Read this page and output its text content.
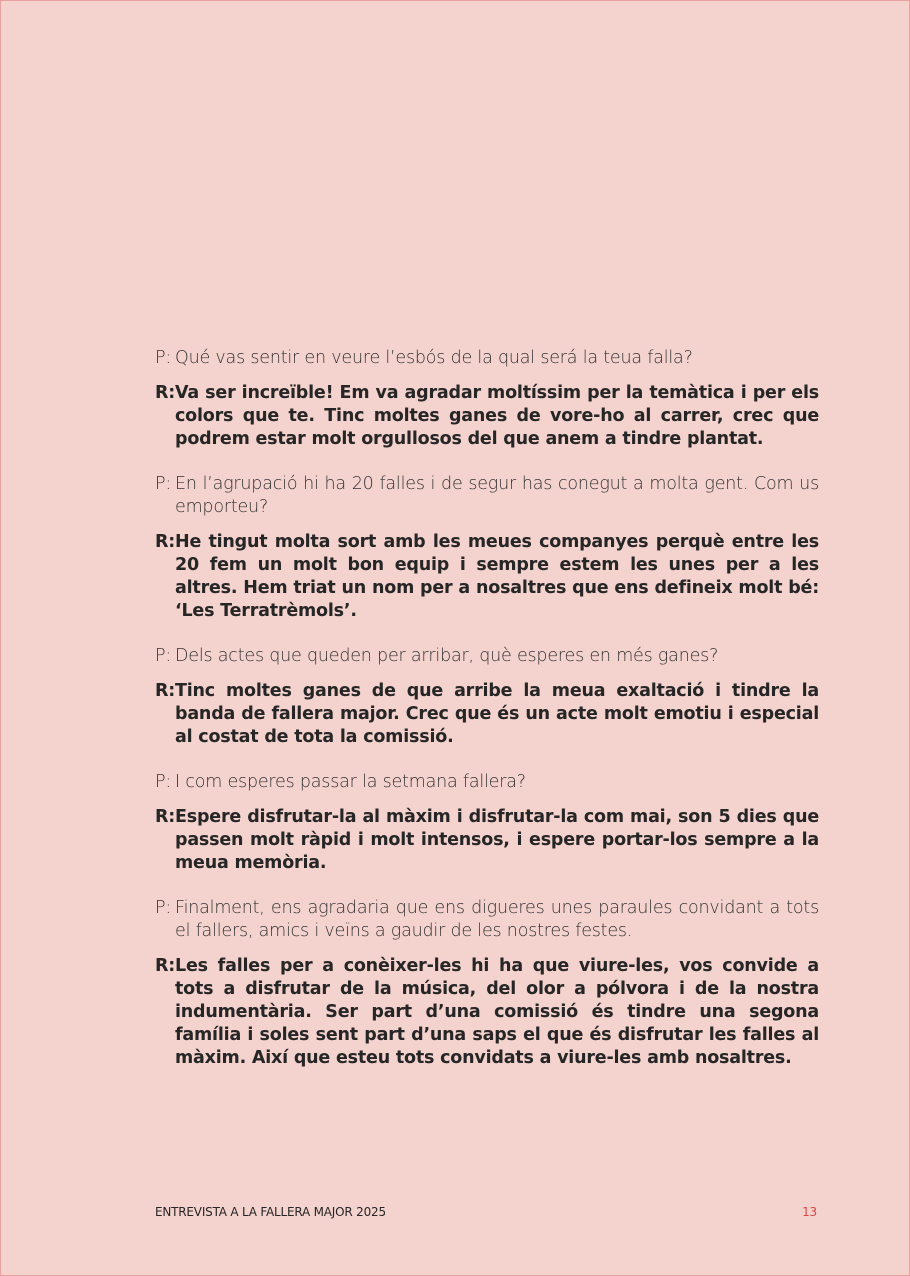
P: Qué vas sentir en veure l’esbós de la qual será la teua falla?
R: Va ser increïble! Em va agradar moltíssim per la temàtica i per els colors que te. Tinc moltes ganes de vore-ho al carrer, crec que podrem estar molt orgullosos del que anem a tindre plantat.
P: En l’agrupació hi ha 20 falles i de segur has conegut a molta gent. Com us emporteu?
R: He tingut molta sort amb les meues companyes perquè entre les 20 fem un molt bon equip i sempre estem les unes per a les altres. Hem triat un nom per a nosaltres que ens defineix molt bé: ‘Les Terratrèmols’.
P: Dels actes que queden per arribar, què esperes en més ganes?
R: Tinc moltes ganes de que arribe la meua exaltació i tindre la banda de fallera major. Crec que és un acte molt emotiu i especial al costat de tota la comissió.
P: I com esperes passar la setmana fallera?
R: Espere disfrutar-la al màxim i disfrutar-la com mai, son 5 dies que passen molt ràpid i molt intensos, i espere portar-los sempre a la meua memòria.
P: Finalment, ens agradaria que ens digueres unes paraules convidant a tots el fallers, amics i veïns a gaudir de les nostres festes.
R: Les falles per a conèixer-les hi ha que viure-les, vos convide a tots a disfrutar de la música, del olor a pólvora i de la nostra indumentària. Ser part d’una comissió és tindre una segona família i soles sent part d’una saps el que és disfrutar les falles al màxim. Així que esteu tots convidats a viure-les amb nosaltres.
ENTREVISTA A LA FALLERA MAJOR 2025	13
